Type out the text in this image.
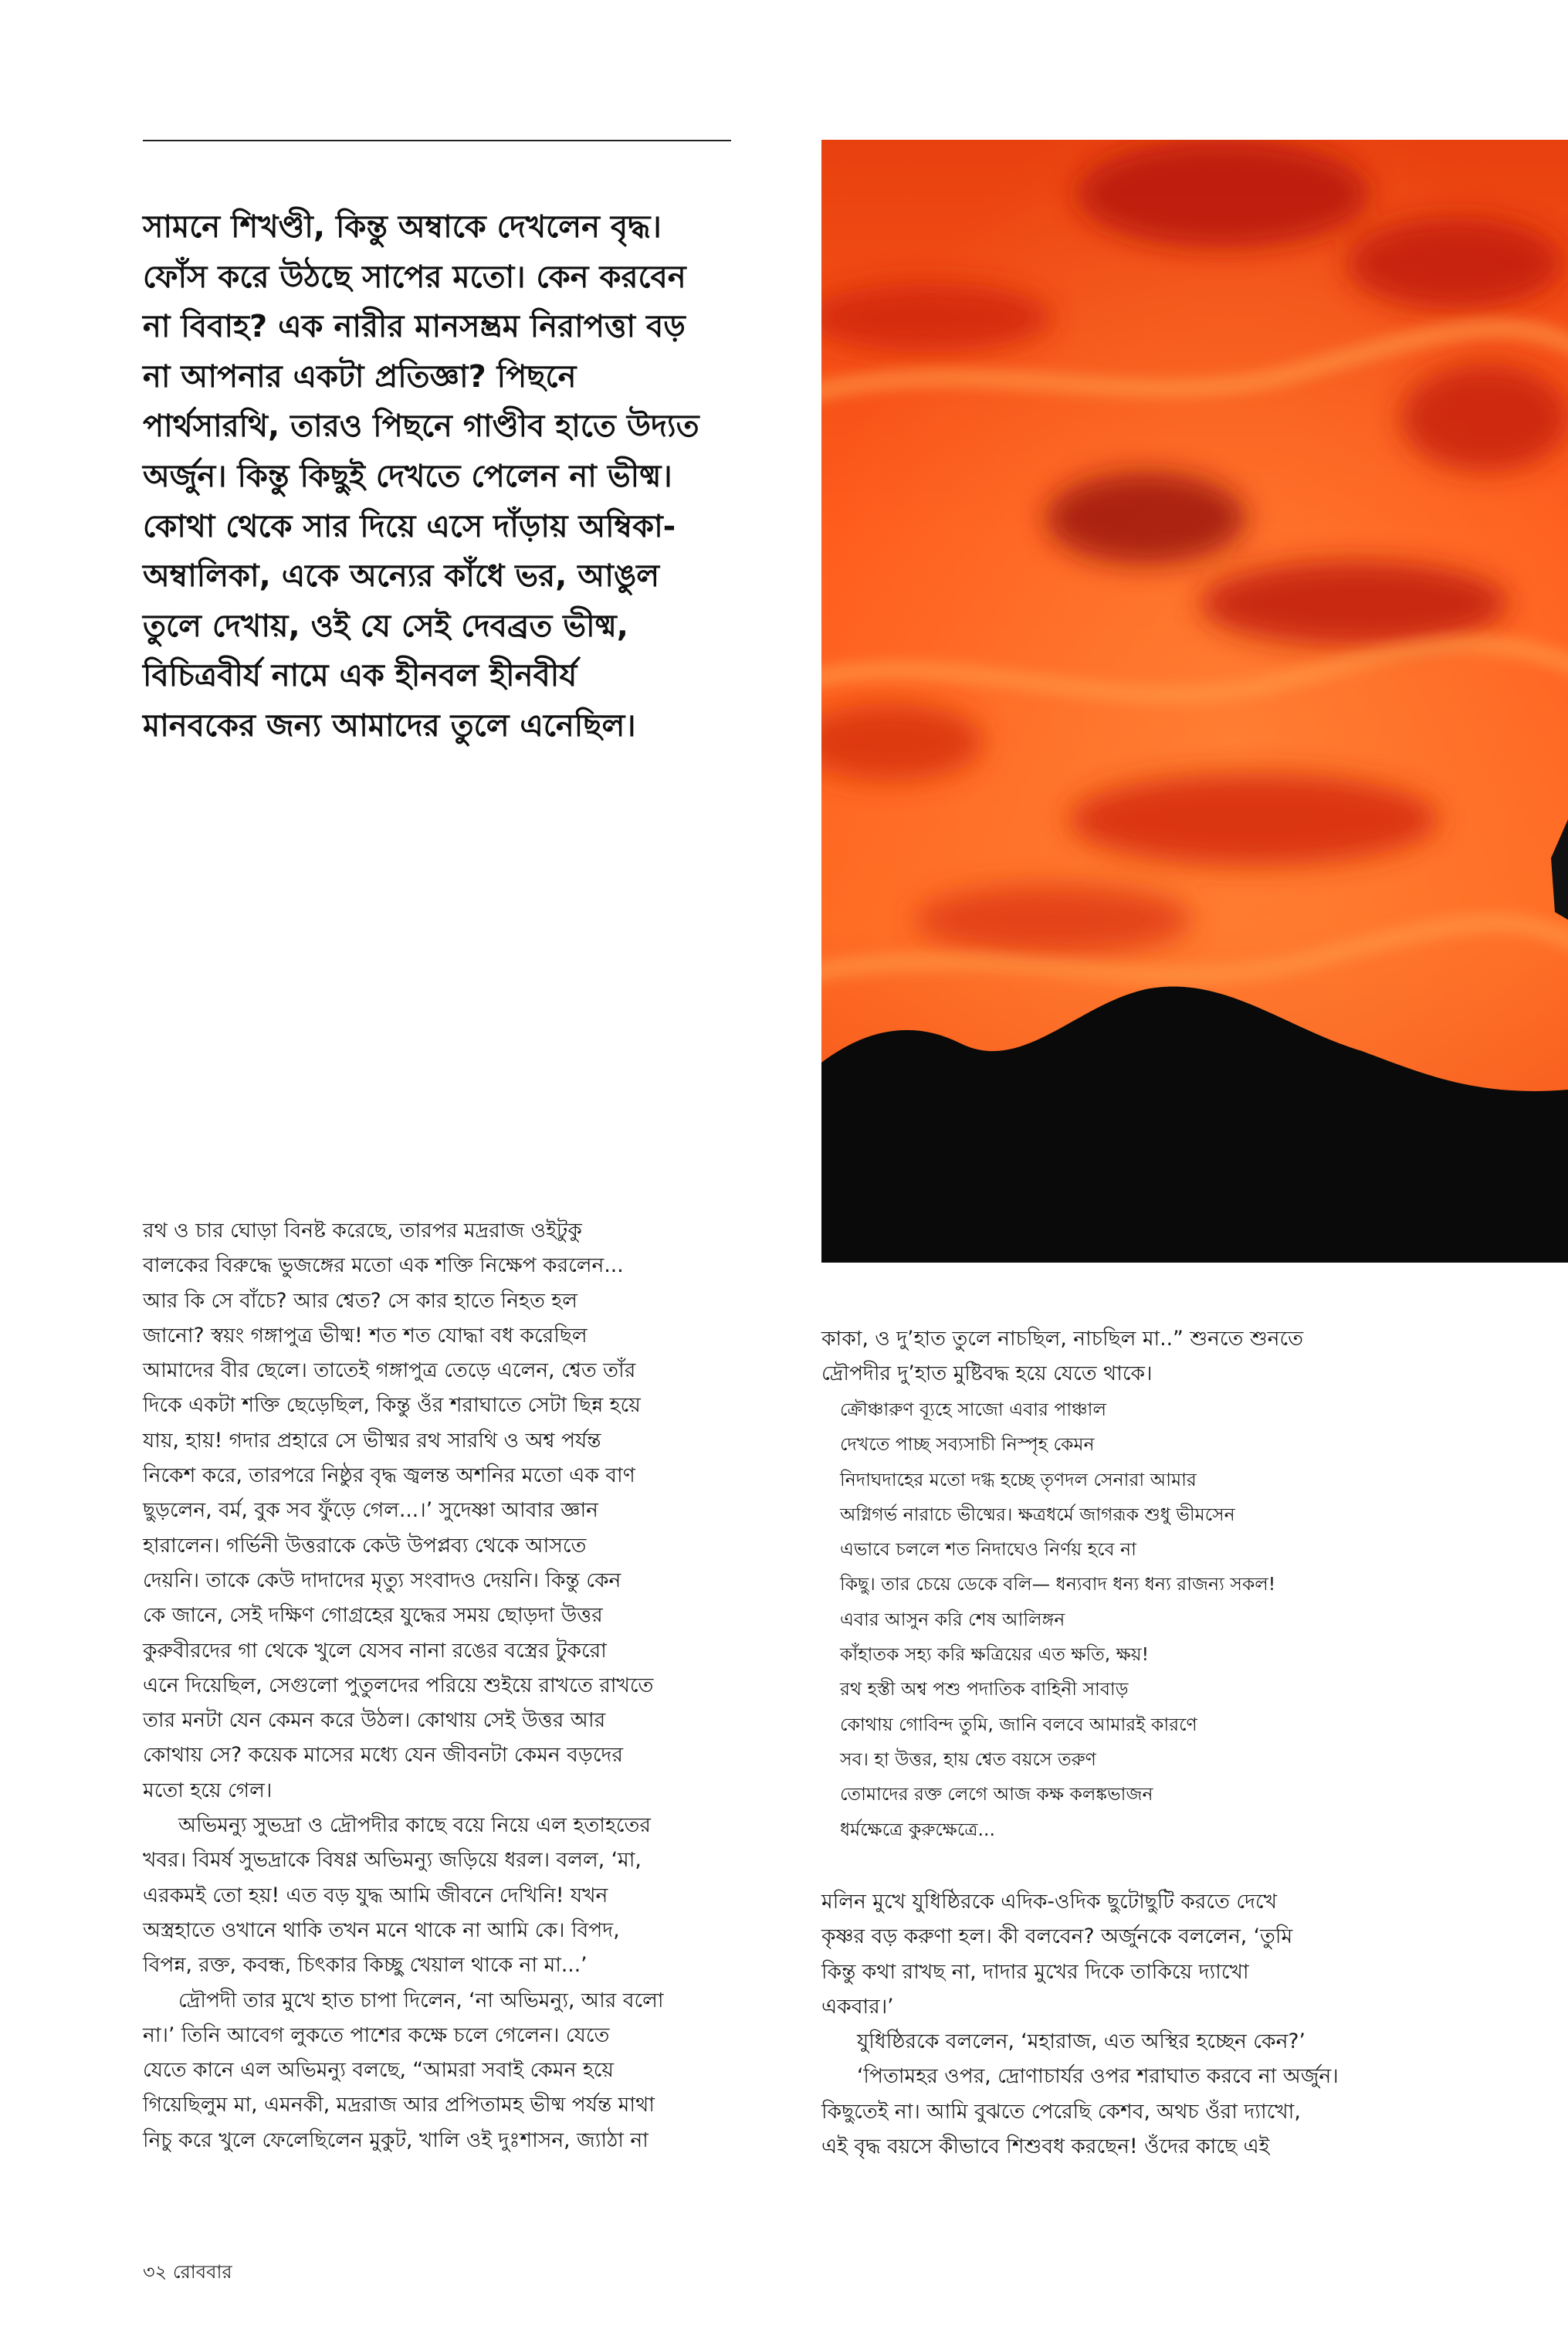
সামনে শিখণ্ডী, কিন্তু অম্বাকে দেখলেন বৃদ্ধ।
ফোঁস করে উঠছে সাপের মতো। কেন করবেন
না বিবাহ? এক নারীর মানসম্ভ্রম নিরাপত্তা বড়
না আপনার একটা প্রতিজ্ঞা? পিছনে
পার্থসারথি, তারও পিছনে গাণ্ডীব হাতে উদ্যত
অর্জুন। কিন্তু কিছুই দেখতে পেলেন না ভীষ্ম।
কোথা থেকে সার দিয়ে এসে দাঁড়ায় অম্বিকা-
অম্বালিকা, একে অন্যের কাঁধে ভর, আঙুল
তুলে দেখায়, ওই যে সেই দেবব্রত ভীষ্ম,
বিচিত্রবীর্য নামে এক হীনবল হীনবীর্য
মানবকের জন্য আমাদের তুলে এনেছিল।
রথ ও চার ঘোড়া বিনষ্ট করেছে, তারপর মদ্ররাজ ওইটুকু
বালকের বিরুদ্ধে ভুজঙ্গের মতো এক শক্তি নিক্ষেপ করলেন...
আর কি সে বাঁচে? আর শ্বেত? সে কার হাতে নিহত হল
জানো? স্বয়ং গঙ্গাপুত্র ভীষ্ম! শত শত যোদ্ধা বধ করেছিল
আমাদের বীর ছেলে। তাতেই গঙ্গাপুত্র তেড়ে এলেন, শ্বেত তাঁর
দিকে একটা শক্তি ছেড়েছিল, কিন্তু ওঁর শরাঘাতে সেটা ছিন্ন হয়ে
যায়, হায়! গদার প্রহারে সে ভীষ্মর রথ সারথি ও অশ্ব পর্যন্ত
নিকেশ করে, তারপরে নিষ্ঠুর বৃদ্ধ জ্বলন্ত অশনির মতো এক বাণ
ছুড়লেন, বর্ম, বুক সব ফুঁড়ে গেল...।’ সুদেষ্ণা আবার জ্ঞান
হারালেন। গর্ভিনী উত্তরাকে কেউ উপপ্লব্য থেকে আসতে
দেয়নি। তাকে কেউ দাদাদের মৃত্যু সংবাদও দেয়নি। কিন্তু কেন
কে জানে, সেই দক্ষিণ গোগ্রহের যুদ্ধের সময় ছোড়দা উত্তর
কুরুবীরদের গা থেকে খুলে যেসব নানা রঙের বস্ত্রের টুকরো
এনে দিয়েছিল, সেগুলো পুতুলদের পরিয়ে শুইয়ে রাখতে রাখতে
তার মনটা যেন কেমন করে উঠল। কোথায় সেই উত্তর আর
কোথায় সে? কয়েক মাসের মধ্যে যেন জীবনটা কেমন বড়দের
মতো হয়ে গেল।
অভিমন্যু সুভদ্রা ও দ্রৌপদীর কাছে বয়ে নিয়ে এল হতাহতের
খবর। বিমর্ষ সুভদ্রাকে বিষণ্ণ অভিমন্যু জড়িয়ে ধরল। বলল, ‘মা,
এরকমই তো হয়! এত বড় যুদ্ধ আমি জীবনে দেখিনি! যখন
অস্ত্রহাতে ওখানে থাকি তখন মনে থাকে না আমি কে। বিপদ,
বিপন্ন, রক্ত, কবন্ধ, চিৎকার কিচ্ছু খেয়াল থাকে না মা...’
দ্রৌপদী তার মুখে হাত চাপা দিলেন, ‘না অভিমন্যু, আর বলো
না।’ তিনি আবেগ লুকতে পাশের কক্ষে চলে গেলেন। যেতে
যেতে কানে এল অভিমন্যু বলছে, “আমরা সবাই কেমন হয়ে
গিয়েছিলুম মা, এমনকী, মদ্ররাজ আর প্রপিতামহ ভীষ্ম পর্যন্ত মাথা
নিচু করে খুলে ফেলেছিলেন মুকুট, খালি ওই দুঃশাসন, জ্যাঠা না
কাকা, ও দু’হাত তুলে নাচছিল, নাচছিল মা..” শুনতে শুনতে
দ্রৌপদীর দু’হাত মুষ্টিবদ্ধ হয়ে যেতে থাকে।
ক্রৌঞ্চারুণ ব্যূহে সাজো এবার পাঞ্চাল
দেখতে পাচ্ছ সব্যসাচী নিস্পৃহ কেমন
নিদাঘদাহের মতো দগ্ধ হচ্ছে তৃণদল সেনারা আমার
অগ্নিগর্ভ নারাচে ভীষ্মের। ক্ষত্রধর্মে জাগরূক শুধু ভীমসেন
এভাবে চললে শত নিদাঘেও নির্ণয় হবে না
কিছু। তার চেয়ে ডেকে বলি— ধন্যবাদ ধন্য ধন্য রাজন্য সকল!
এবার আসুন করি শেষ আলিঙ্গন
কাঁহাতক সহ্য করি ক্ষত্রিয়ের এত ক্ষতি, ক্ষয়!
রথ হস্তী অশ্ব পশু পদাতিক বাহিনী সাবাড়
কোথায় গোবিন্দ তুমি, জানি বলবে আমারই কারণে
সব। হা উত্তর, হায় শ্বেত বয়সে তরুণ
তোমাদের রক্ত লেগে আজ কক্ষ কলঙ্কভাজন
ধর্মক্ষেত্রে কুরুক্ষেত্রে...
মলিন মুখে যুধিষ্ঠিরকে এদিক-ওদিক ছুটোছুটি করতে দেখে
কৃষ্ণর বড় করুণা হল। কী বলবেন? অর্জুনকে বললেন, ‘তুমি
কিন্তু কথা রাখছ না, দাদার মুখের দিকে তাকিয়ে দ্যাখো
একবার।’
যুধিষ্ঠিরকে বললেন, ‘মহারাজ, এত অস্থির হচ্ছেন কেন?’
‘পিতামহর ওপর, দ্রোণাচার্যর ওপর শরাঘাত করবে না অর্জুন।
কিছুতেই না। আমি বুঝতে পেরেছি কেশব, অথচ ওঁরা দ্যাখো,
এই বৃদ্ধ বয়সে কীভাবে শিশুবধ করছেন! ওঁদের কাছে এই
৩২ রোববার
